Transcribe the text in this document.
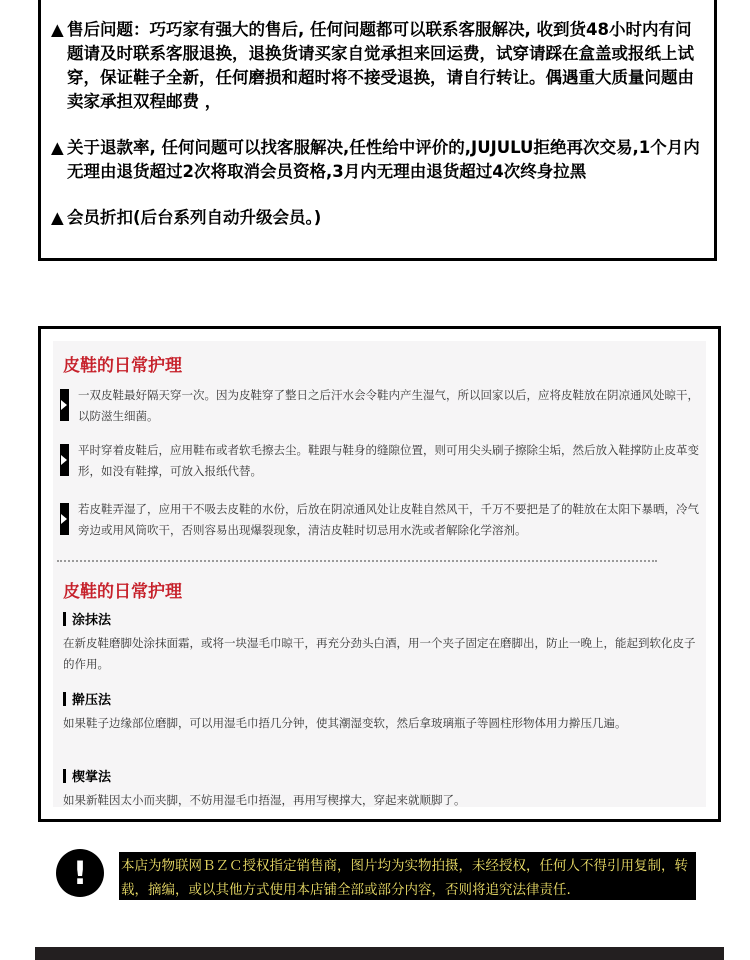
▲ 售后问题：巧巧家有强大的售后, 任何问题都可以联系客服解决, 收到货48小时内有问题请及时联系客服退换，退换货请买家自觉承担来回运费，试穿请踩在盒盖或报纸上试穿，保证鞋子全新，任何磨损和超时将不接受退换，请自行转让。偶遇重大质量问题由卖家承担双程邮费 ，
▲ 关于退款率, 任何问题可以找客服解决,任性给中评价的,JUJULU拒绝再次交易,1个月内无理由退货超过2次将取消会员资格,3月内无理由退货超过4次终身拉黑
▲ 会员折扣(后台系列自动升级会员。)
皮鞋的日常护理
一双皮鞋最好隔天穿一次。因为皮鞋穿了整日之后汗水会令鞋内产生湿气，所以回家以后，应将皮鞋放在阴凉通风处晾干，以防滋生细菌。
平时穿着皮鞋后，应用鞋布或者软毛擦去尘。鞋跟与鞋身的缝隙位置，则可用尖头刷子擦除尘垢，然后放入鞋撑防止皮革变形，如没有鞋撑，可放入报纸代替。
若皮鞋弄湿了，应用干不吸去皮鞋的水份，后放在阴凉通风处让皮鞋自然风干，千万不要把是了的鞋放在太阳下暴晒，冷气旁边或用风筒吹干，否则容易出现爆裂现象，清洁皮鞋时切忌用水洗或者解除化学溶剂。
皮鞋的日常护理
涂抹法
在新皮鞋磨脚处涂抹面霜，或将一块湿毛巾晾干，再充分劲头白酒，用一个夹子固定在磨脚出，防止一晚上，能起到软化皮子的作用。
擀压法
如果鞋子边缘部位磨脚，可以用湿毛巾捂几分钟，使其潮湿变软，然后拿玻璃瓶子等圆柱形物体用力擀压几遍。
楔掌法
如果新鞋因太小而夹脚，不妨用湿毛巾捂湿，再用写楔撑大，穿起来就顺脚了。
! 本店为物联网ＢＺＣ授权指定销售商，图片均为实物拍摄，未经授权，任何人不得引用复制，转载，摘编，或以其他方式使用本店铺全部或部分内容，否则将追究法律责任.
